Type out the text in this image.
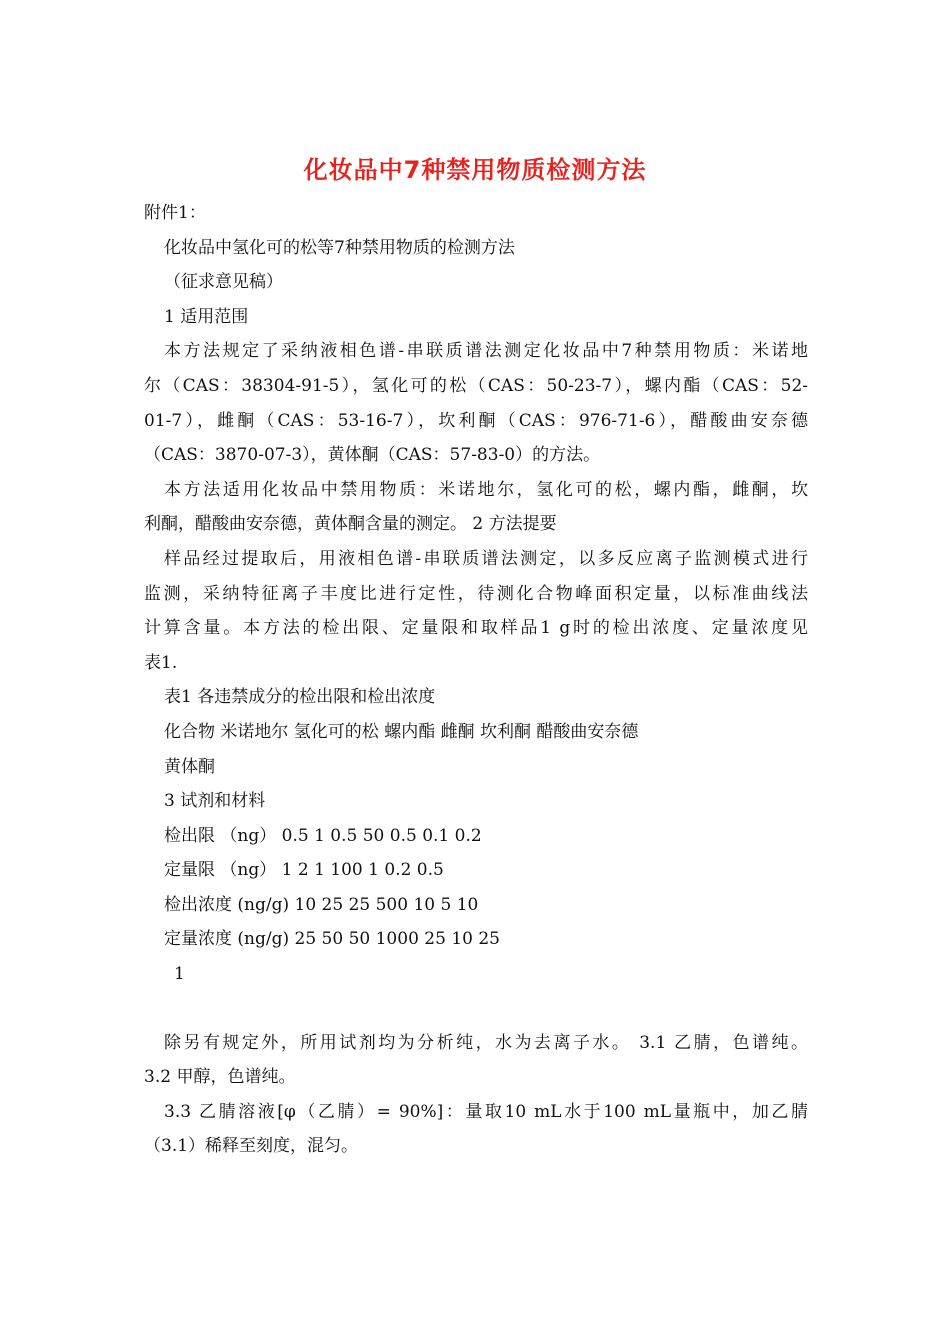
化妆品中7种禁用物质检测方法
附件1：
化妆品中氢化可的松等7种禁用物质的检测方法
（征求意见稿）
1 适用范围
本方法规定了采纳液相色谱-串联质谱法测定化妆品中7种禁用物质：米诺地
尔（CAS：38304-91-5），氢化可的松（CAS：50-23-7），螺内酯（CAS：52-
01-7），雌酮（CAS：53-16-7），坎利酮（CAS：976-71-6），醋酸曲安奈德
（CAS：3870-07-3），黄体酮（CAS：57-83-0）的方法。
本方法适用化妆品中禁用物质：米诺地尔，氢化可的松，螺内酯，雌酮，坎
利酮，醋酸曲安奈德，黄体酮含量的测定。 2 方法提要
样品经过提取后，用液相色谱-串联质谱法测定，以多反应离子监测模式进行
监测，采纳特征离子丰度比进行定性，待测化合物峰面积定量，以标准曲线法
计算含量。本方法的检出限、定量限和取样品1 g时的检出浓度、定量浓度见
表1.
表1 各违禁成分的检出限和检出浓度
化合物 米诺地尔 氢化可的松 螺内酯 雌酮 坎利酮 醋酸曲安奈德
黄体酮
3 试剂和材料
检出限 （ng） 0.5 1 0.5 50 0.5 0.1 0.2
定量限 （ng） 1 2 1 100 1 0.2 0.5
检出浓度 (ng/g) 10 25 25 500 10 5 10
定量浓度 (ng/g) 25 50 50 1000 25 10 25
1
除另有规定外，所用试剂均为分析纯，水为去离子水。 3.1 乙腈，色谱纯。
3.2 甲醇，色谱纯。
3.3 乙腈溶液[φ（乙腈）= 90%]：量取10 mL水于100 mL量瓶中，加乙腈
（3.1）稀释至刻度，混匀。
